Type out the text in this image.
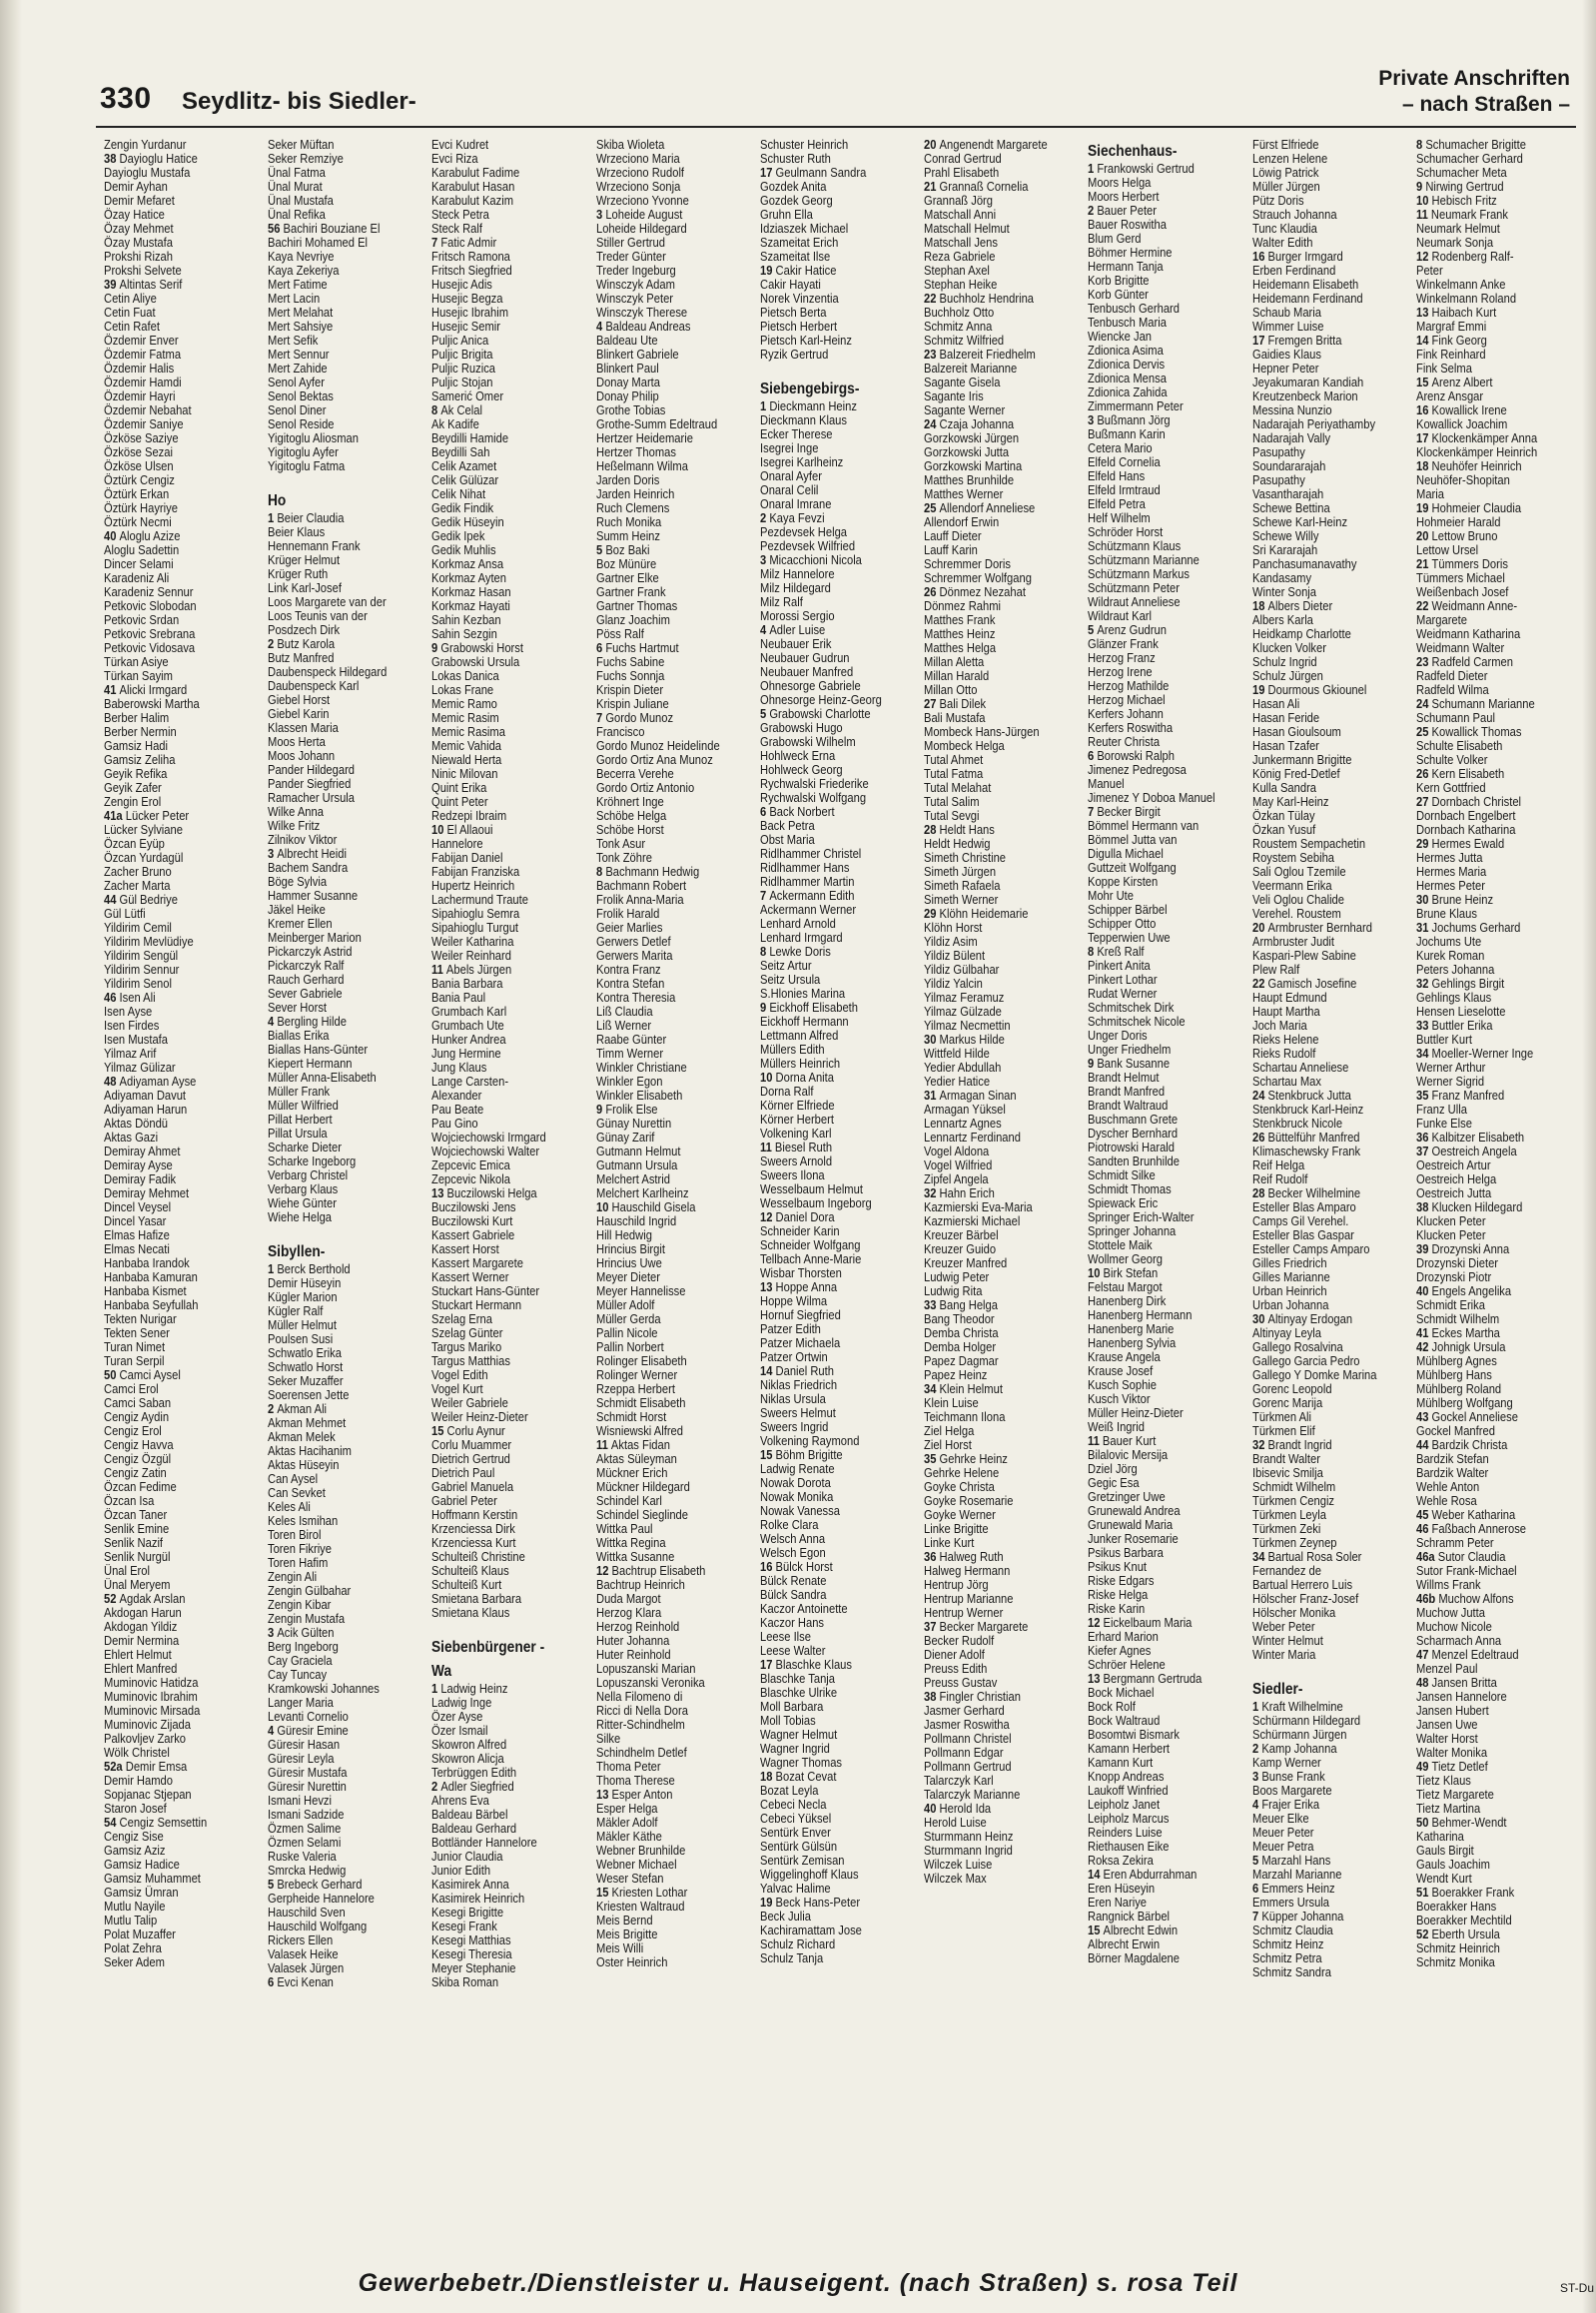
330 Seydlitz- bis Siedler-
Private Anschriften
– nach Straßen –
Zengin Yurdanur
38 Dayioglu Hatice
Dayioglu Mustafa
Demir Ayhan
Demir Mefaret
Özay Hatice
Özay Mehmet
Özay Mustafa
Prokshi Rizah
Prokshi Selvete
39 Altintas Serif
Cetin Aliye
Cetin Fuat
Cetin Rafet
Özdemir Enver
Özdemir Fatma
Özdemir Halis
Özdemir Hamdi
Özdemir Hayri
Özdemir Nebahat
Özdemir Saniye
Özköse Saziye
Özköse Sezai
Özköse Ulsen
Öztürk Cengiz
Öztürk Erkan
Öztürk Hayriye
Öztürk Necmi
40 Aloglu Azize
Aloglu Sadettin
Dincer Selami
Karadeniz Ali
Karadeniz Sennur
Petkovic Slobodan
Petkovic Srdan
Petkovic Srebrana
Petkovic Vidosava
Türkan Asiye
Türkan Sayim
41 Alicki Irmgard
Baberowski Martha
Berber Halim
Berber Nermin
Gamsiz Hadi
Gamsiz Zeliha
Geyik Refika
Geyik Zafer
Zengin Erol
41a Lücker Peter
Lücker Sylviane
Özcan Eyüp
Özcan Yurdagül
Zacher Bruno
Zacher Marta
44 Gül Bedriye
Gül Lütfi
Yildirim Cemil
Yildirim Mevlüdiye
Yildirim Sengül
Yildirim Sennur
Yildirim Senol
46 Isen Ali
Isen Ayse
Isen Firdes
Isen Mustafa
Yilmaz Arif
Yilmaz Gülizar
48 Adiyaman Ayse
Adiyaman Davut
Adiyaman Harun
Aktas Döndü
Aktas Gazi
Demiray Ahmet
Demiray Ayse
Demiray Fadik
Demiray Mehmet
Dincel Veysel
Dincel Yasar
Elmas Hafize
Elmas Necati
Hanbaba Irandok
Hanbaba Kamuran
Hanbaba Kismet
Hanbaba Seyfullah
Tekten Nurigar
Tekten Sener
Turan Nimet
Turan Serpil
50 Camci Aysel
Camci Erol
Camci Saban
Cengiz Aydin
Cengiz Erol
Cengiz Havva
Cengiz Özgül
Cengiz Zatin
Özcan Fedime
Özcan Isa
Özcan Taner
Senlik Emine
Senlik Nazif
Senlik Nurgül
Ünal Erol
Ünal Meryem
52 Agdak Arslan
Akdogan Harun
Akdogan Yildiz
Demir Nermina
Ehlert Helmut
Ehlert Manfred
Muminovic Hatidza
Muminovic Ibrahim
Muminovic Mirsada
Muminovic Zijada
Palkovljev Zarko
Wölk Christel
52a Demir Emsa
Demir Hamdo
Sopjanac Stjepan
Staron Josef
54 Cengiz Semsettin
Cengiz Sise
Gamsiz Aziz
Gamsiz Hadice
Gamsiz Muhammet
Gamsiz Ümran
Mutlu Nayile
Mutlu Talip
Polat Muzaffer
Polat Zehra
Seker Adem
Seker Müftan
Seker Remziye
Ünal Fatma
Ünal Murat
Ünal Mustafa
Ünal Refika
56 Bachiri Bouziane El
Bachiri Mohamed El
Kaya Nevriye
Kaya Zekeriya
Mert Fatime
Mert Lacin
Mert Melahat
Mert Sahsiye
Mert Sefik
Mert Sennur
Mert Zahide
Senol Ayfer
Senol Bektas
Senol Diner
Senol Reside
Yigitoglu Aliosman
Yigitoglu Ayfer
Yigitoglu Fatma
Ho
1 Beier Claudia
Beier Klaus
Hennemann Frank
Krüger Helmut
Krüger Ruth
Link Karl-Josef
Loos Margarete van der
Loos Teunis van der
Posdzech Dirk
2 Butz Karola
Butz Manfred
Daubenspeck Hildegard
Daubenspeck Karl
Giebel Horst
Giebel Karin
Klassen Maria
Moos Herta
Moos Johann
Pander Hildegard
Pander Siegfried
Ramacher Ursula
Wilke Anna
Wilke Fritz
Zilnikov Viktor
3 Albrecht Heidi
Bachem Sandra
Böge Sylvia
Hammer Susanne
Jäkel Heike
Kremer Ellen
Meinberger Marion
Pickarczyk Astrid
Pickarczyk Ralf
Rauch Gerhard
Sever Gabriele
Sever Horst
4 Bergling Hilde
Biallas Erika
Biallas Hans-Günter
Kiepert Hermann
Müller Anna-Elisabeth
Müller Frank
Müller Wilfried
Pillat Herbert
Pillat Ursula
Scharke Dieter
Scharke Ingeborg
Verbarg Christel
Verbarg Klaus
Wiehe Günter
Wiehe Helga
Sibyllen-
1 Berck Berthold
Demir Hüseyin
Kügler Marion
Kügler Ralf
Müller Helmut
Poulsen Susi
Schwatlo Erika
Schwatlo Horst
Seker Muzaffer
Soerensen Jette
2 Akman Ali
Akman Mehmet
Akman Melek
Aktas Hacihanim
Aktas Hüseyin
Can Aysel
Can Sevket
Keles Ali
Keles Ismihan
Toren Birol
Toren Fikriye
Toren Hafim
Zengin Ali
Zengin Gülbahar
Zengin Kibar
Zengin Mustafa
3 Acik Gülten
Berg Ingeborg
Cay Graciela
Cay Tuncay
Kramkowski Johannes
Langer Maria
Levanti Cornelio
4 Güresir Emine
Güresir Hasan
Güresir Leyla
Güresir Mustafa
Güresir Nurettin
Ismani Hevzi
Ismani Sadzide
Özmen Salime
Özmen Selami
Ruske Valeria
Smrcka Hedwig
5 Brebeck Gerhard
Gerpheide Hannelore
Hauschild Sven
Hauschild Wolfgang
Rickers Ellen
Valasek Heike
Valasek Jürgen
6 Evci Kenan
Evci Kudret
Evci Riza
Karabulut Fadime
Karabulut Hasan
Karabulut Kazim
Steck Petra
Steck Ralf
7 Fatic Admir
Fritsch Ramona
Fritsch Siegfried
Husejic Adis
Husejic Begza
Husejic Ibrahim
Husejic Semir
Puljic Anica
Puljic Brigita
Puljic Ruzica
Puljic Stojan
Samerić Omer
8 Ak Celal
Ak Kadife
Beydilli Hamide
Beydilli Sah
Celik Azamet
Celik Gülüzar
Celik Nihat
Gedik Findik
Gedik Hüseyin
Gedik Ipek
Gedik Muhlis
Korkmaz Ansa
Korkmaz Ayten
Korkmaz Hasan
Korkmaz Hayati
Sahin Kezban
Sahin Sezgin
9 Grabowski Horst
Grabowski Ursula
Lokas Danica
Lokas Frane
Memic Ramo
Memic Rasim
Memic Rasima
Memic Vahida
Niewald Herta
Ninic Milovan
Quint Erika
Quint Peter
Redzepi Ibraim
10 El Allaoui
Hannelore
Fabijan Daniel
Fabijan Franziska
Hupertz Heinrich
Lachermund Traute
Sipahioglu Semra
Sipahioglu Turgut
Weiler Katharina
Weiler Reinhard
11 Abels Jürgen
Bania Barbara
Bania Paul
Grumbach Karl
Grumbach Ute
Hunker Andrea
Jung Hermine
Jung Klaus
Lange Carsten-
Alexander
Pau Beate
Pau Gino
Wojciechowski Irmgard
Wojciechowski Walter
Zepcevic Emica
Zepcevic Nikola
13 Buczilowski Helga
Buczilowski Jens
Buczilowski Kurt
Kassert Gabriele
Kassert Horst
Kassert Margarete
Kassert Werner
Stuckart Hans-Günter
Stuckart Hermann
Szelag Erna
Szelag Günter
Targus Mariko
Targus Matthias
Vogel Edith
Vogel Kurt
Weiler Gabriele
Weiler Heinz-Dieter
15 Corlu Aynur
Corlu Muammer
Dietrich Gertrud
Dietrich Paul
Gabriel Manuela
Gabriel Peter
Hoffmann Kerstin
Krzenciessa Dirk
Krzenciessa Kurt
Schulteiß Christine
Schulteiß Klaus
Schulteiß Kurt
Smietana Barbara
Smietana Klaus
Siebenbürgener -
Wa
1 Ladwig Heinz
Ladwig Inge
Özer Ayse
Özer Ismail
Skowron Alfred
Skowron Alicja
Terbrüggen Edith
2 Adler Siegfried
Ahrens Eva
Baldeau Bärbel
Baldeau Gerhard
Bottländer Hannelore
Junior Claudia
Junior Edith
Kasimirek Anna
Kasimirek Heinrich
Kesegi Brigitte
Kesegi Frank
Kesegi Matthias
Kesegi Theresia
Meyer Stephanie
Skiba Roman
Skiba Wioleta
Wrzeciono Maria
Wrzeciono Rudolf
Wrzeciono Sonja
Wrzeciono Yvonne
3 Loheide August
Loheide Hildegard
Stiller Gertrud
Treder Günter
Treder Ingeburg
Winsczyk Adam
Winsczyk Peter
Winsczyk Therese
4 Baldeau Andreas
Baldeau Ute
Blinkert Gabriele
Blinkert Paul
Donay Marta
Donay Philip
Grothe Tobias
Grothe-Summ Edeltraud
Hertzer Heidemarie
Hertzer Thomas
Heßelmann Wilma
Jarden Doris
Jarden Heinrich
Ruch Clemens
Ruch Monika
Summ Heinz
5 Boz Baki
Boz Münüre
Gartner Elke
Gartner Frank
Gartner Thomas
Glanz Joachim
Pöss Ralf
6 Fuchs Hartmut
Fuchs Sabine
Fuchs Sonnja
Krispin Dieter
Krispin Juliane
7 Gordo Munoz
Francisco
Gordo Munoz Heidelinde
Gordo Ortiz Ana Munoz
Becerra Verehe
Gordo Ortiz Antonio
Kröhnert Inge
Schöbe Helga
Schöbe Horst
Tonk Asur
Tonk Zöhre
8 Bachmann Hedwig
Bachmann Robert
Frolik Anna-Maria
Frolik Harald
Geier Marlies
Gerwers Detlef
Gerwers Marita
Kontra Franz
Kontra Stefan
Kontra Theresia
Liß Claudia
Liß Werner
Raabe Günter
Timm Werner
Winkler Christiane
Winkler Egon
Winkler Elisabeth
9 Frolik Else
Günay Nurettin
Günay Zarif
Gutmann Helmut
Gutmann Ursula
Melchert Astrid
Melchert Karlheinz
10 Hauschild Gisela
Hauschild Ingrid
Hill Hedwig
Hrincius Birgit
Hrincius Uwe
Meyer Dieter
Meyer Hannelisse
Müller Adolf
Müller Gerda
Pallin Nicole
Pallin Norbert
Rolinger Elisabeth
Rolinger Werner
Rzeppa Herbert
Schmidt Elisabeth
Schmidt Horst
Wisniewski Alfred
11 Aktas Fidan
Aktas Süleyman
Mückner Erich
Mückner Hildegard
Schindel Karl
Schindel Sieglinde
Wittka Paul
Wittka Regina
Wittka Susanne
12 Bachtrup Elisabeth
Bachtrup Heinrich
Duda Margot
Herzog Klara
Herzog Reinhold
Huter Johanna
Huter Reinhold
Lopuszanski Marian
Lopuszanski Veronika
Nella Filomeno di
Ricci di Nella Dora
Ritter-Schindhelm
Silke
Schindhelm Detlef
Thoma Peter
Thoma Therese
13 Esper Anton
Esper Helga
Mäkler Adolf
Mäkler Käthe
Webner Brunhilde
Webner Michael
Weser Stefan
15 Kriesten Lothar
Kriesten Waltraud
Meis Bernd
Meis Brigitte
Meis Willi
Oster Heinrich
Schuster Heinrich
Schuster Ruth
17 Geulmann Sandra
Gozdek Anita
Gozdek Georg
Gruhn Ella
Idziaszek Michael
Szameitat Erich
Szameitat Ilse
19 Cakir Hatice
Cakir Hayati
Norek Vinzentia
Pietsch Berta
Pietsch Herbert
Pietsch Karl-Heinz
Ryzik Gertrud
Siebengebirgs-
1 Dieckmann Heinz
Dieckmann Klaus
Ecker Therese
Isegrei Inge
Isegrei Karlheinz
Onaral Ayfer
Onaral Celil
Onaral Imrane
2 Kaya Fevzi
Pezdevsek Helga
Pezdevsek Wilfried
3 Micacchioni Nicola
Milz Hannelore
Milz Hildegard
Milz Ralf
Morossi Sergio
4 Adler Luise
Neubauer Erik
Neubauer Gudrun
Neubauer Manfred
Ohnesorge Gabriele
Ohnesorge Heinz-Georg
5 Grabowski Charlotte
Grabowski Hugo
Grabowski Wilhelm
Hohlweck Erna
Hohlweck Georg
Rychwalski Friederike
Rychwalski Wolfgang
6 Back Norbert
Back Petra
Obst Maria
Ridlhammer Christel
Ridlhammer Hans
Ridlhammer Martin
7 Ackermann Edith
Ackermann Werner
Lenhard Arnold
Lenhard Irmgard
8 Lewke Doris
Seitz Artur
Seitz Ursula
S.Hlonies Marina
9 Eickhoff Elisabeth
Eickhoff Hermann
Lettmann Alfred
Müllers Edith
Müllers Heinrich
10 Dorna Anita
Dorna Ralf
Körner Elfriede
Körner Herbert
Volkening Karl
11 Biesel Ruth
Sweers Arnold
Sweers Ilona
Wesselbaum Helmut
Wesselbaum Ingeborg
12 Daniel Dora
Schneider Karin
Schneider Wolfgang
Tellbach Anne-Marie
Wisbar Thorsten
13 Hoppe Anna
Hoppe Wilma
Hornuf Siegfried
Patzer Edith
Patzer Michaela
Patzer Ortwin
14 Daniel Ruth
Niklas Friedrich
Niklas Ursula
Sweers Helmut
Sweers Ingrid
Volkening Raymond
15 Böhm Brigitte
Ladwig Renate
Nowak Dorota
Nowak Monika
Nowak Vanessa
Rolke Clara
Welsch Anna
Welsch Egon
16 Bülck Horst
Bülck Renate
Bülck Sandra
Kaczor Antoinette
Kaczor Hans
Leese Ilse
Leese Walter
17 Blaschke Klaus
Blaschke Tanja
Blaschke Ulrike
Moll Barbara
Moll Tobias
Wagner Helmut
Wagner Ingrid
Wagner Thomas
18 Bozat Cevat
Bozat Leyla
Cebeci Necla
Cebeci Yüksel
Sentürk Enver
Sentürk Gülsün
Sentürk Zemisan
Wiggelinghoff Klaus
Yalvac Halime
19 Beck Hans-Peter
Beck Julia
Kachiramattam Jose
Schulz Richard
Schulz Tanja
20 Angenendt Margarete
Conrad Gertrud
Prahl Elisabeth
21 Grannaß Cornelia
Grannaß Jörg
Matschall Anni
Matschall Helmut
Matschall Jens
Reza Gabriele
Stephan Axel
Stephan Heike
22 Buchholz Hendrina
Buchholz Otto
Schmitz Anna
Schmitz Wilfried
23 Balzereit Friedhelm
Balzereit Marianne
Sagante Gisela
Sagante Iris
Sagante Werner
24 Czaja Johanna
Gorzkowski Jürgen
Gorzkowski Jutta
Gorzkowski Martina
Matthes Brunhilde
Matthes Werner
25 Allendorf Anneliese
Allendorf Erwin
Lauff Dieter
Lauff Karin
Schremmer Doris
Schremmer Wolfgang
26 Dönmez Nezahat
Dönmez Rahmi
Matthes Frank
Matthes Heinz
Matthes Helga
Millan Aletta
Millan Harald
Millan Otto
27 Bali Dilek
Bali Mustafa
Mombeck Hans-Jürgen
Mombeck Helga
Tutal Ahmet
Tutal Fatma
Tutal Melahat
Tutal Salim
Tutal Sevgi
28 Heldt Hans
Heldt Hedwig
Simeth Christine
Simeth Jürgen
Simeth Rafaela
Simeth Werner
29 Klöhn Heidemarie
Klöhn Horst
Yildiz Asim
Yildiz Bülent
Yildiz Gülbahar
Yildiz Yalcin
Yilmaz Feramuz
Yilmaz Gülzade
Yilmaz Necmettin
30 Markus Hilde
Wittfeld Hilde
Yedier Abdullah
Yedier Hatice
31 Armagan Sinan
Armagan Yüksel
Lennartz Agnes
Lennartz Ferdinand
Vogel Aldona
Vogel Wilfried
Zipfel Angela
32 Hahn Erich
Kazmierski Eva-Maria
Kazmierski Michael
Kreuzer Bärbel
Kreuzer Guido
Kreuzer Manfred
Ludwig Peter
Ludwig Rita
33 Bang Helga
Bang Theodor
Demba Christa
Demba Holger
Papez Dagmar
Papez Heinz
34 Klein Helmut
Klein Luise
Teichmann Ilona
Ziel Helga
Ziel Horst
35 Gehrke Heinz
Gehrke Helene
Goyke Christa
Goyke Rosemarie
Goyke Werner
Linke Brigitte
Linke Kurt
36 Halweg Ruth
Halweg Hermann
Hentrup Jörg
Hentrup Marianne
Hentrup Werner
37 Becker Margarete
Becker Rudolf
Diener Adolf
Preuss Edith
Preuss Gustav
38 Fingler Christian
Jasmer Gerhard
Jasmer Roswitha
Pollmann Christel
Pollmann Edgar
Pollmann Gertrud
Talarczyk Karl
Talarczyk Marianne
40 Herold Ida
Herold Luise
Sturmmann Heinz
Sturmmann Ingrid
Wilczek Luise
Wilczek Max
Siechenhaus-
1 Frankowski Gertrud
Moors Helga
Moors Herbert
2 Bauer Peter
Bauer Roswitha
Blum Gerd
Böhmer Hermine
Hermann Tanja
Korb Brigitte
Korb Günter
Tenbusch Gerhard
Tenbusch Maria
Wiencke Jan
Zdionica Asima
Zdionica Dervis
Zdionica Mensa
Zdionica Zahida
Zimmermann Peter
3 Bußmann Jörg
Bußmann Karin
Cetera Mario
Elfeld Cornelia
Elfeld Hans
Elfeld Irmtraud
Elfeld Petra
Helf Wilhelm
Schröder Horst
Schützmann Klaus
Schützmann Marianne
Schützmann Markus
Schützmann Peter
Wildraut Anneliese
Wildraut Karl
5 Arenz Gudrun
Glänzer Frank
Herzog Franz
Herzog Irene
Herzog Mathilde
Herzog Michael
Kerfers Johann
Kerfers Roswitha
Reuter Christa
6 Borowski Ralph
Jimenez Pedregosa
Manuel
Jimenez Y Doboa Manuel
7 Becker Birgit
Bömmel Hermann van
Bömmel Jutta van
Digulla Michael
Guttzeit Wolfgang
Koppe Kirsten
Mohr Ute
Schipper Bärbel
Schipper Otto
Tepperwien Uwe
8 Kreß Ralf
Pinkert Anita
Pinkert Lothar
Rudat Werner
Schmitschek Dirk
Schmitschek Nicole
Unger Doris
Unger Friedhelm
9 Bank Susanne
Brandt Helmut
Brandt Manfred
Brandt Waltraud
Buschmann Grete
Dyscher Bernhard
Piotrowski Harald
Sandten Brunhilde
Schmidt Silke
Schmidt Thomas
Spiewack Eric
Springer Erich-Walter
Springer Johanna
Stottele Maik
Wollmer Georg
10 Birk Stefan
Felstau Margot
Hanenberg Dirk
Hanenberg Hermann
Hanenberg Marie
Hanenberg Sylvia
Krause Angela
Krause Josef
Kusch Sophie
Kusch Viktor
Müller Heinz-Dieter
Weiß Ingrid
11 Bauer Kurt
Bilalovic Mersija
Dziel Jörg
Gegic Esa
Gretzinger Uwe
Grunewald Andrea
Grunewald Maria
Junker Rosemarie
Psikus Barbara
Psikus Knut
Riske Edgars
Riske Helga
Riske Karin
12 Eickelbaum Maria
Erhard Marion
Kiefer Agnes
Schröer Helene
13 Bergmann Gertruda
Bock Michael
Bock Rolf
Bock Waltraud
Bosomtwi Bismark
Kamann Herbert
Kamann Kurt
Knopp Andreas
Laukoff Winfried
Leipholz Janet
Leipholz Marcus
Reinders Luise
Riethausen Eike
Roksa Zekira
14 Eren Abdurrahman
Eren Hüseyin
Eren Nariye
Rangnick Bärbel
15 Albrecht Edwin
Albrecht Erwin
Börner Magdalene
Fürst Elfriede
Lenzen Helene
Löwig Patrick
Müller Jürgen
Pütz Doris
Strauch Johanna
Tunc Klaudia
Walter Edith
16 Burger Irmgard
Erben Ferdinand
Heidemann Elisabeth
Heidemann Ferdinand
Schaub Maria
Wimmer Luise
17 Fremgen Britta
Gaidies Klaus
Hepner Peter
Jeyakumaran Kandiah
Kreutzenbeck Marion
Messina Nunzio
Nadarajah Periyathamby
Nadarajah Vally
Pasupathy
Soundararajah
Pasupathy
Vasantharajah
Schewe Bettina
Schewe Karl-Heinz
Schewe Willy
Sri Kararajah
Panchasumanavathy
Kandasamy
Winter Sonja
18 Albers Dieter
Albers Karla
Heidkamp Charlotte
Klucken Volker
Schulz Ingrid
Schulz Jürgen
19 Dourmous Gkiounel
Hasan Ali
Hasan Feride
Hasan Gioulsoum
Hasan Tzafer
Junkermann Brigitte
König Fred-Detlef
Kulla Sandra
May Karl-Heinz
Özkan Tülay
Özkan Yusuf
Roustem Sempachetin
Roystem Sebiha
Sali Oglou Tzemile
Veermann Erika
Veli Oglou Chalide
Verehel. Roustem
20 Armbruster Bernhard
Armbruster Judit
Kaspari-Plew Sabine
Plew Ralf
22 Gamisch Josefine
Haupt Edmund
Haupt Martha
Joch Maria
Rieks Helene
Rieks Rudolf
Schartau Anneliese
Schartau Max
24 Stenkbruck Jutta
Stenkbruck Karl-Heinz
Stenkbruck Nicole
26 Büttelführ Manfred
Klimaschewsky Frank
Reif Helga
Reif Rudolf
28 Becker Wilhelmine
Esteller Blas Amparo
Camps Gil Verehel.
Esteller Blas Gaspar
Esteller Camps Amparo
Gilles Friedrich
Gilles Marianne
Urban Heinrich
Urban Johanna
30 Altinyay Erdogan
Altinyay Leyla
Gallego Rosalvina
Gallego Garcia Pedro
Gallego Y Domke Marina
Gorenc Leopold
Gorenc Marija
Türkmen Ali
Türkmen Elif
32 Brandt Ingrid
Brandt Walter
Ibisevic Smilja
Schmidt Wilhelm
Türkmen Cengiz
Türkmen Leyla
Türkmen Zeki
Türkmen Zeynep
34 Bartual Rosa Soler
Fernandez de
Bartual Herrero Luis
Hölscher Franz-Josef
Hölscher Monika
Weber Peter
Winter Helmut
Winter Maria
Siedler-
1 Kraft Wilhelmine
Schürmann Hildegard
Schürmann Jürgen
2 Kamp Johanna
Kamp Werner
3 Bunse Frank
Boos Margarete
4 Frajer Erika
Meuer Elke
Meuer Peter
Meuer Petra
5 Marzahl Hans
Marzahl Marianne
6 Emmers Heinz
Emmers Ursula
7 Küpper Johanna
Schmitz Claudia
Schmitz Heinz
Schmitz Petra
Schmitz Sandra
8 Schumacher Brigitte
Schumacher Gerhard
Schumacher Meta
9 Nirwing Gertrud
10 Hebisch Fritz
11 Neumark Frank
Neumark Helmut
Neumark Sonja
12 Rodenberg Ralf-
Peter
Winkelmann Anke
Winkelmann Roland
13 Haibach Kurt
Margraf Emmi
14 Fink Georg
Fink Reinhard
Fink Selma
15 Arenz Albert
Arenz Ansgar
16 Kowallick Irene
Kowallick Joachim
17 Klockenkämper Anna
Klockenkämper Heinrich
18 Neuhöfer Heinrich
Neuhöfer-Shopitan
Maria
19 Hohmeier Claudia
Hohmeier Harald
20 Lettow Bruno
Lettow Ursel
21 Tümmers Doris
Tümmers Michael
Weißenbach Josef
22 Weidmann Anne-
Margarete
Weidmann Katharina
Weidmann Walter
23 Radfeld Carmen
Radfeld Dieter
Radfeld Wilma
24 Schumann Marianne
Schumann Paul
25 Kowallick Thomas
Schulte Elisabeth
Schulte Volker
26 Kern Elisabeth
Kern Gottfried
27 Dornbach Christel
Dornbach Engelbert
Dornbach Katharina
29 Hermes Ewald
Hermes Jutta
Hermes Maria
Hermes Peter
30 Brune Heinz
Brune Klaus
31 Jochums Gerhard
Jochums Ute
Kurek Roman
Peters Johanna
32 Gehlings Birgit
Gehlings Klaus
Hensen Lieselotte
33 Buttler Erika
Buttler Kurt
34 Moeller-Werner Inge
Werner Arthur
Werner Sigrid
35 Franz Manfred
Franz Ulla
Funke Else
36 Kalbitzer Elisabeth
37 Oestreich Angela
Oestreich Artur
Oestreich Helga
Oestreich Jutta
38 Klucken Hildegard
Klucken Peter
Klucken Peter
39 Drozynski Anna
Drozynski Dieter
Drozynski Piotr
40 Engels Angelika
Schmidt Erika
Schmidt Wilhelm
41 Eckes Martha
42 Johnigk Ursula
Mühlberg Agnes
Mühlberg Hans
Mühlberg Roland
Mühlberg Wolfgang
43 Gockel Anneliese
Gockel Manfred
44 Bardzik Christa
Bardzik Stefan
Bardzik Walter
Wehle Anton
Wehle Rosa
45 Weber Katharina
46 Faßbach Annerose
Schramm Peter
46a Sutor Claudia
Sutor Frank-Michael
Willms Frank
46b Muchow Alfons
Muchow Jutta
Muchow Nicole
Scharmach Anna
47 Menzel Edeltraud
Menzel Paul
48 Jansen Britta
Jansen Hannelore
Jansen Hubert
Jansen Uwe
Walter Horst
Walter Monika
49 Tietz Detlef
Tietz Klaus
Tietz Margarete
Tietz Martina
50 Behmer-Wendt
Katharina
Gauls Birgit
Gauls Joachim
Wendt Kurt
51 Boerakker Frank
Boerakker Hans
Boerakker Mechtild
52 Eberth Ursula
Schmitz Heinrich
Schmitz Monika
Gewerbebetr./Dienstleister u. Hauseigent. (nach Straßen) s. rosa Teil	ST-Du
